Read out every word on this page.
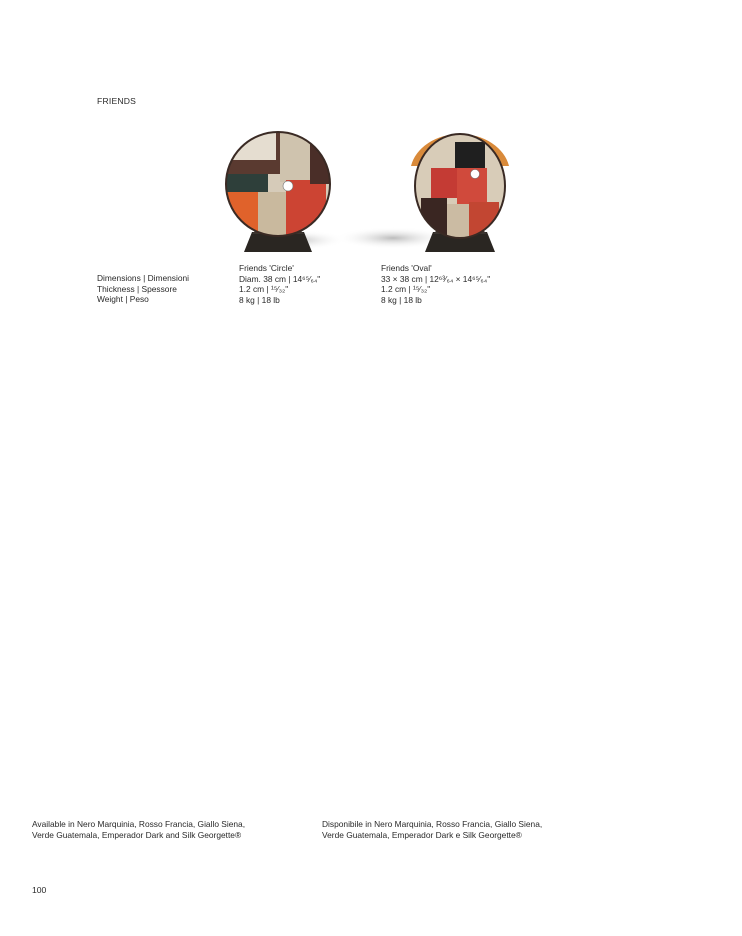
FRIENDS
Dimensions | Dimensioni
Thickness | Spessore
Weight | Peso
Friends 'Circle'
Diam. 38 cm | 14⁶⁵⁄₆₄"
1.2 cm | ¹⁵⁄₃₂"
8 kg | 18 lb
Friends 'Oval'
33 × 38 cm | 12⁶³⁄₆₄ × 14⁶⁵⁄₆₄"
1.2 cm | ¹⁵⁄₃₂"
8 kg | 18 lb
Available in Nero Marquinia, Rosso Francia, Giallo Siena,
Verde Guatemala, Emperador Dark and Silk Georgette®
Disponibile in Nero Marquinia, Rosso Francia, Giallo Siena,
Verde Guatemala, Emperador Dark e Silk Georgette®
100
